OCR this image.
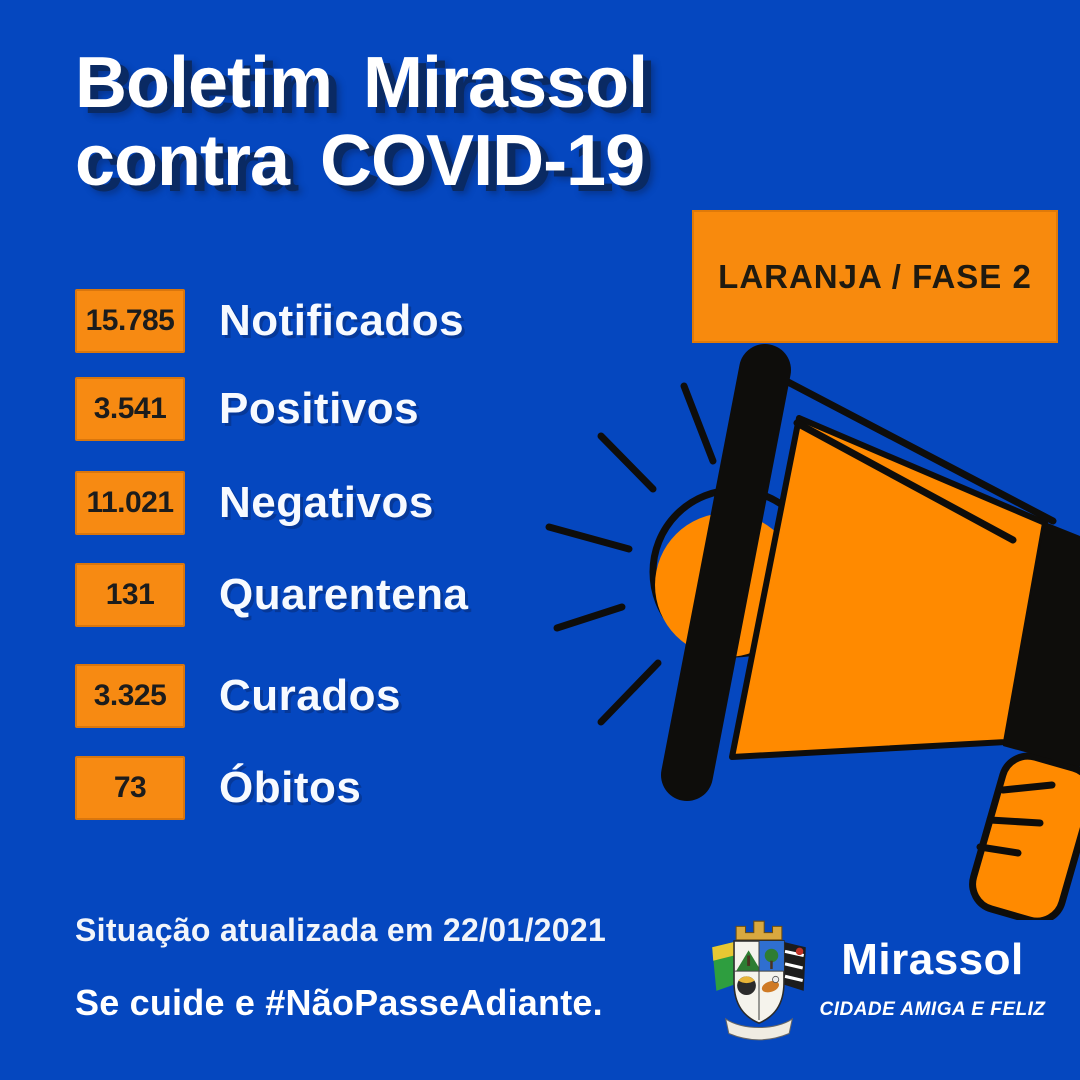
Boletim Mirassol
contra COVID-19
LARANJA / FASE 2
15.785 Notificados
3.541 Positivos
11.021 Negativos
131 Quarentena
3.325 Curados
73 Óbitos
Situação atualizada em 22/01/2021
Se cuide e #NãoPasseAdiante.
Mirassol
CIDADE AMIGA E FELIZ
